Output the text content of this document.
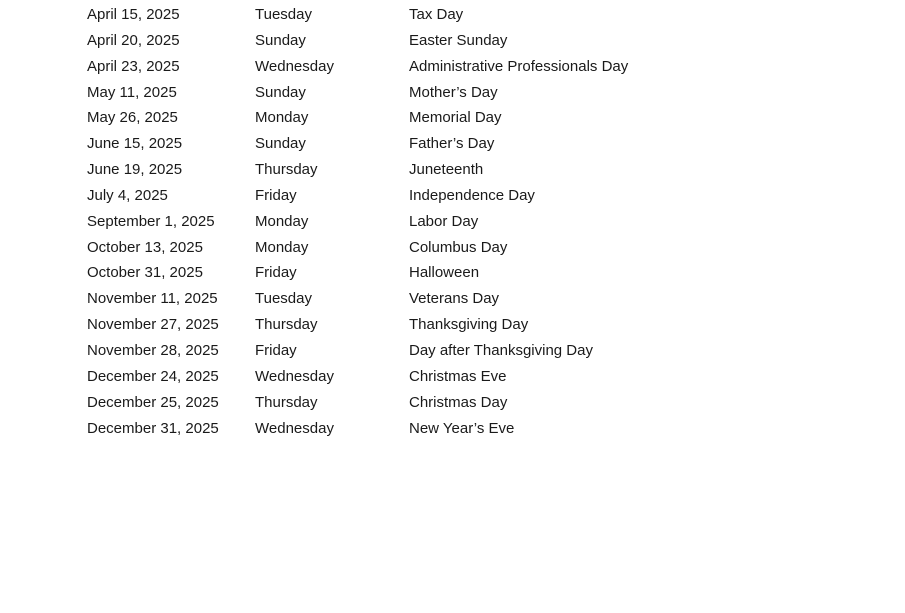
April 15, 2025	Tuesday	Tax Day
April 20, 2025	Sunday	Easter Sunday
April 23, 2025	Wednesday	Administrative Professionals Day
May 11, 2025	Sunday	Mother’s Day
May 26, 2025	Monday	Memorial Day
June 15, 2025	Sunday	Father’s Day
June 19, 2025	Thursday	Juneteenth
July 4, 2025	Friday	Independence Day
September 1, 2025	Monday	Labor Day
October 13, 2025	Monday	Columbus Day
October 31, 2025	Friday	Halloween
November 11, 2025	Tuesday	Veterans Day
November 27, 2025	Thursday	Thanksgiving Day
November 28, 2025	Friday	Day after Thanksgiving Day
December 24, 2025	Wednesday	Christmas Eve
December 25, 2025	Thursday	Christmas Day
December 31, 2025	Wednesday	New Year’s Eve
